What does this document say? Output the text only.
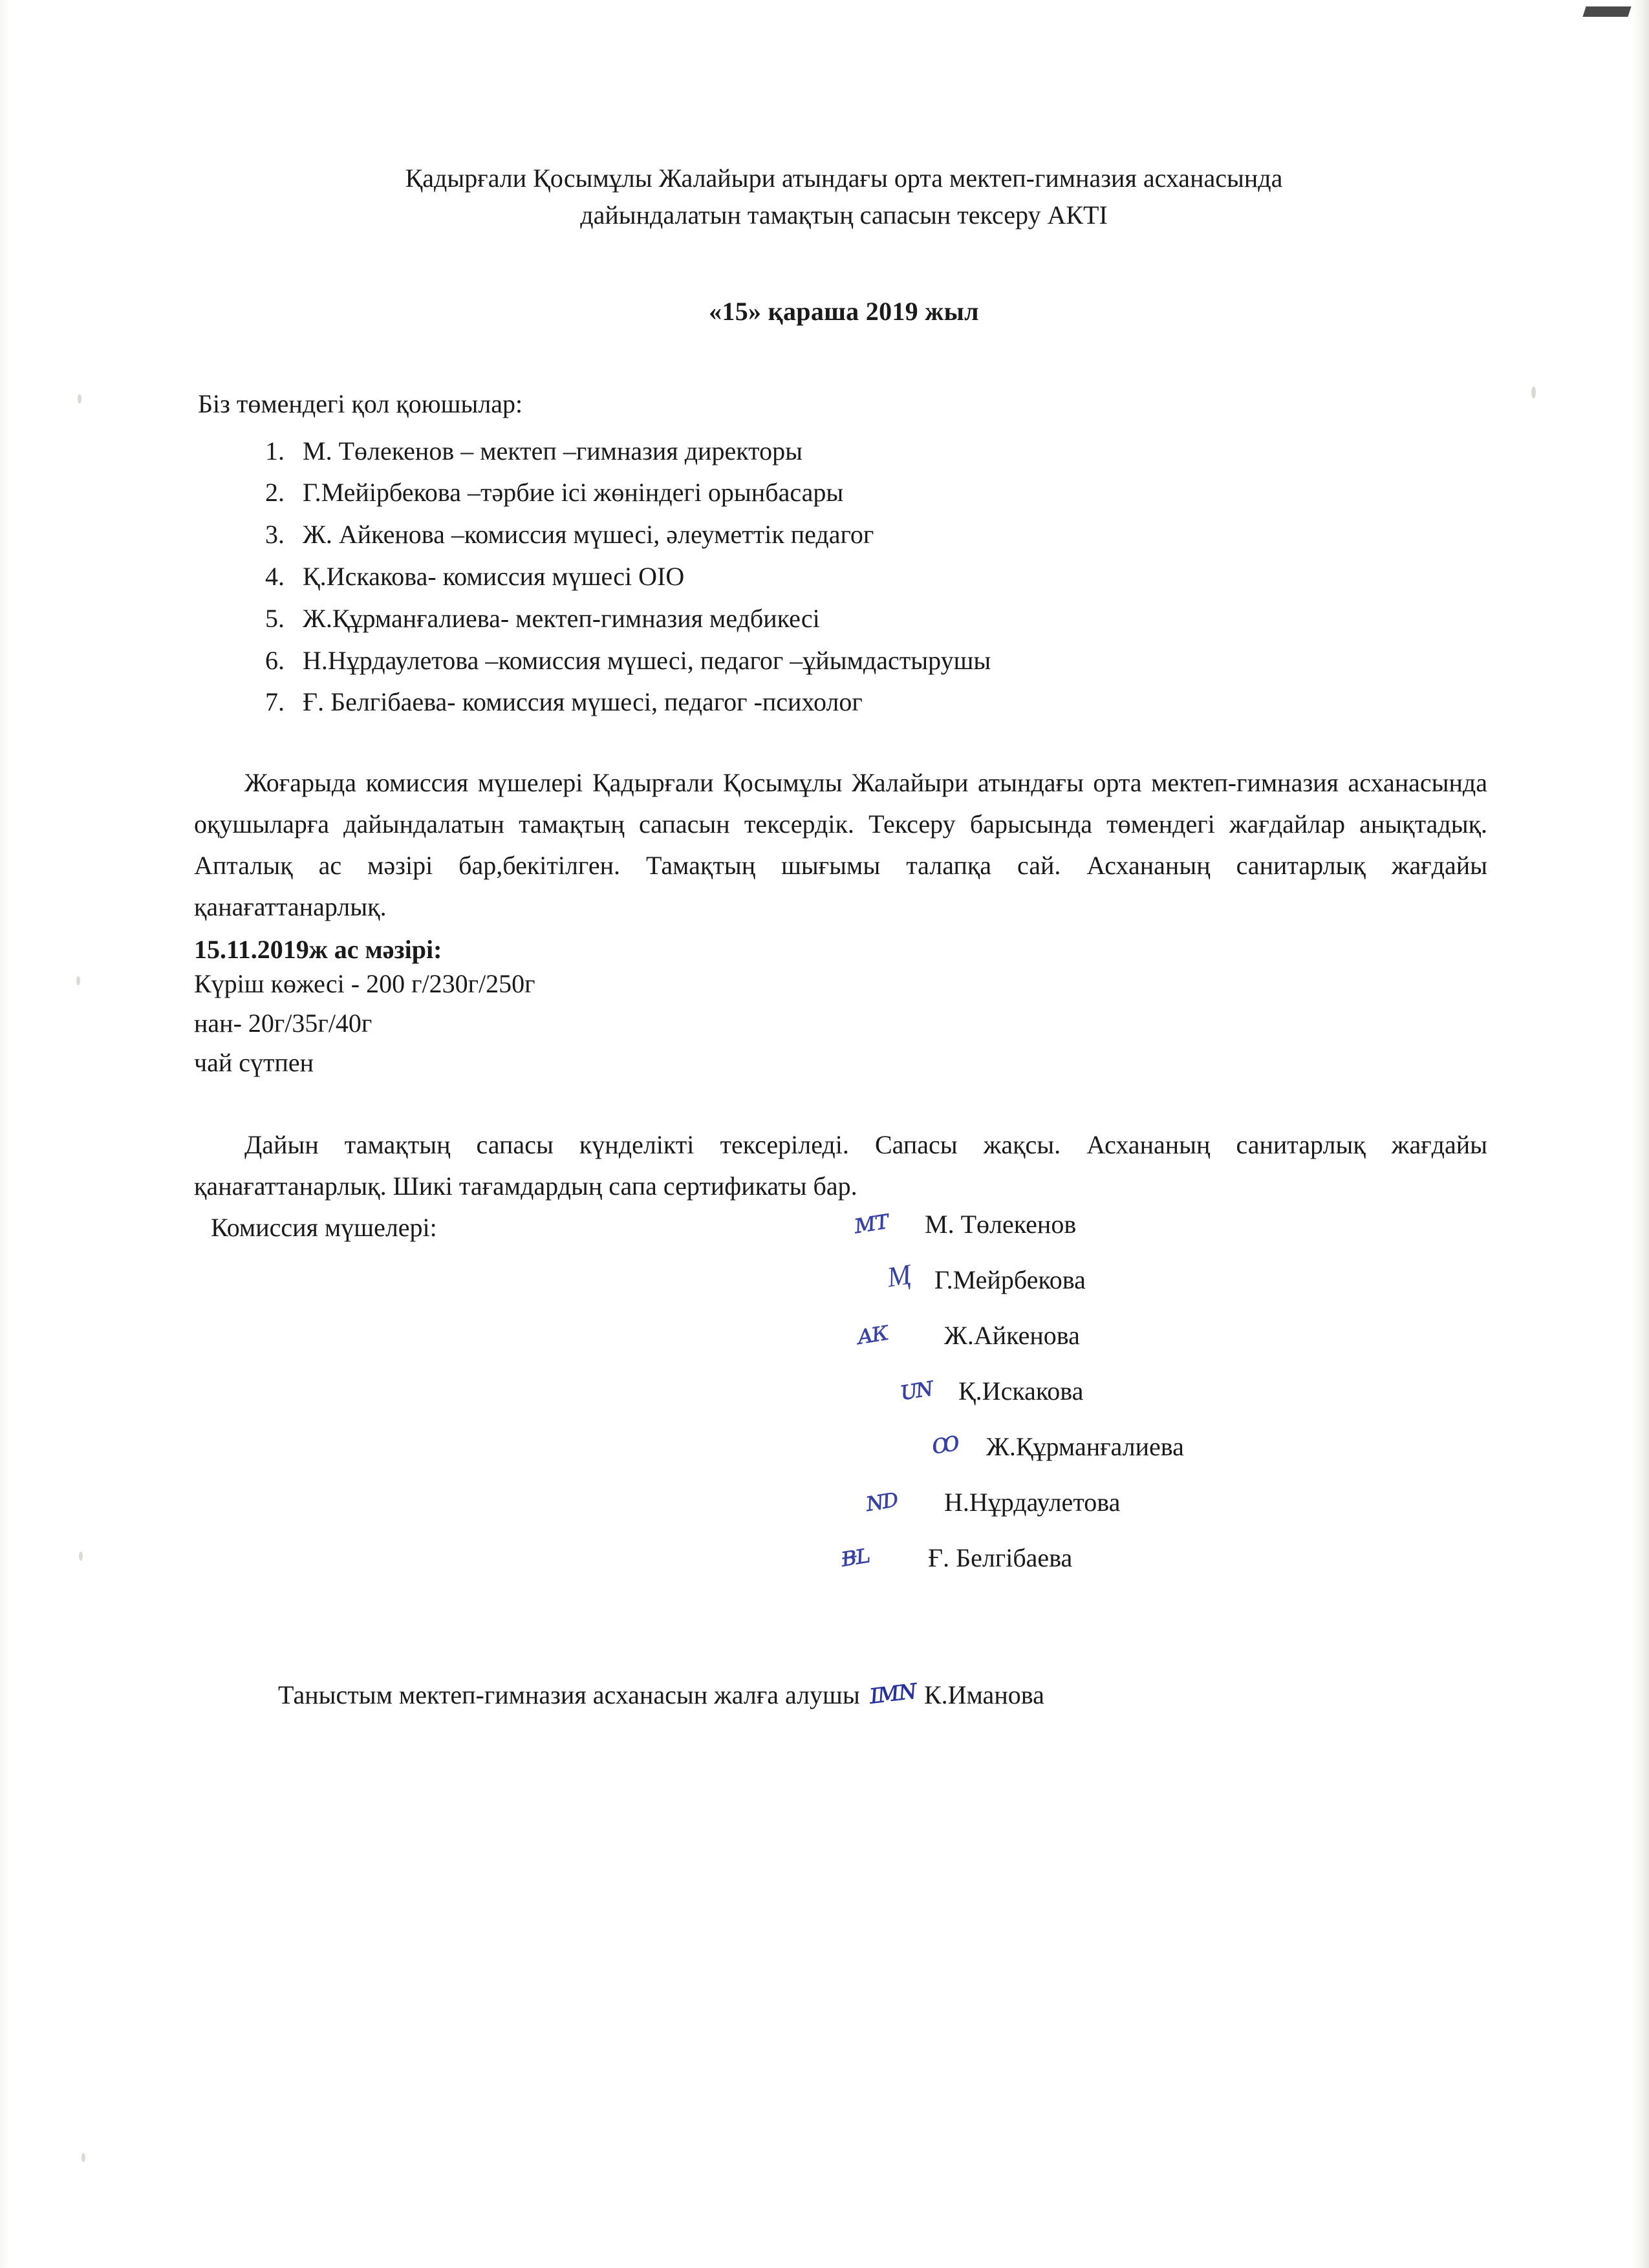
Қадырғали Қосымұлы Жалайыри атындағы орта мектеп-гимназия асханасында
дайындалатын тамақтың сапасын тексеру АКТІ
«15» қараша 2019 жыл
Біз төмендегі қол қоюшылар:
1. М. Төлекенов – мектеп –гимназия директоры
2. Г.Мейірбекова –тәрбие ісі жөніндегі орынбасары
3. Ж. Айкенова –комиссия мүшесі, әлеуметтік педагог
4. Қ.Искакова- комиссия мүшесі ОІО
5. Ж.Құрманғалиева- мектеп-гимназия медбикесі
6. Н.Нұрдаулетова –комиссия мүшесі, педагог –ұйымдастырушы
7. Ғ. Белгібаева- комиссия мүшесі, педагог -психолог
Жоғарыда комиссия мүшелері Қадырғали Қосымұлы Жалайыри атындағы орта мектеп-гимназия асханасында оқушыларға дайындалатын тамақтың сапасын тексердік. Тексеру барысында төмендегі жағдайлар анықтадық. Апталық ас мәзірі бар,бекітілген. Тамақтың шығымы талапқа сай. Асхананың санитарлық жағдайы қанағаттанарлық.
15.11.2019ж ас мәзірі:
Күріш көжесі - 200 г/230г/250г
нан- 20г/35г/40г
чай сүтпен
Дайын тамақтың сапасы күнделікті тексеріледі. Сапасы жақсы. Асхананың санитарлық жағдайы қанағаттанарлық. Шикі тағамдардың сапа сертификаты бар.
Комиссия мүшелері:	ᴍᴛ М. Төлекенов
Ӎ Г.Мейрбекова
ᴀᴋ Ж.Айкенова
ᴜɴ Қ.Искакова
ꝏ Ж.Құрманғалиева
ɴᴅ Н.Нұрдаулетова
ᴃʟ Ғ. Белгібаева
Таныстым мектеп-гимназия асханасын жалға алушы ɪᴍɴ К.Иманова
